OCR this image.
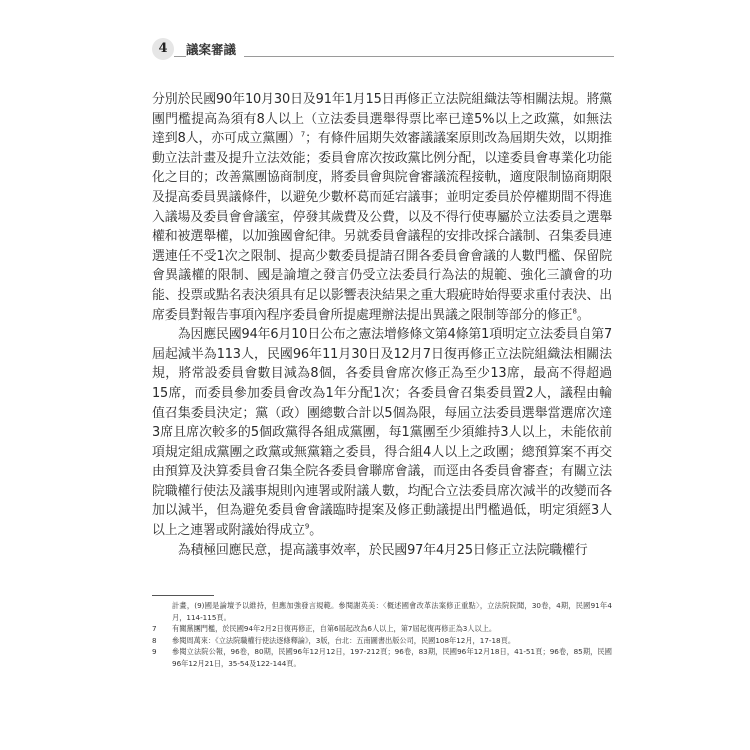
4	議案審議

分別於民國90年10月30日及91年1月15日再修正立法院組織法等相關法規。將黨團門檻提高為須有8人以上（立法委員選舉得票比率已達5%以上之政黨，如無法達到8人，亦可成立黨團）$^7$；有條件屆期失效審議議案原則改為屆期失效，以期推動立法計畫及提升立法效能；委員會席次按政黨比例分配，以達委員會專業化功能化之目的；改善黨團協商制度，將委員會與院會審議流程接軌，適度限制協商期限及提高委員異議條件，以避免少數杯葛而延宕議事；並明定委員於停權期間不得進入議場及委員會會議室，停發其歲費及公費，以及不得行使專屬於立法委員之選舉權和被選舉權，以加強國會紀律。另就委員會議程的安排改採合議制、召集委員連選連任不受1次之限制、提高少數委員提請召開各委員會會議的人數門檻、保留院會異議權的限制、國是論壇之發言仍受立法委員行為法的規範、強化三讀會的功能、投票或點名表決須具有足以影響表決結果之重大瑕疵時始得要求重付表決、出席委員對報告事項內程序委員會所提處理辦法提出異議之限制等部分的修正$^8$。

為因應民國94年6月10日公布之憲法增修條文第4條第1項明定立法委員自第7屆起減半為113人，民國96年11月30日及12月7日復再修正立法院組織法相關法規，將常設委員會數目減為8個，各委員會席次修正為至少13席，最高不得超過15席，而委員參加委員會改為1年分配1次；各委員會召集委員置2人，議程由輪值召集委員決定；黨（政）團總數合計以5個為限，每屆立法委員選舉當選席次達3席且席次較多的5個政黨得各組成黨團，每1黨團至少須維持3人以上，未能依前項規定組成黨團之政黨或無黨籍之委員，得合組4人以上之政團；總預算案不再交由預算及決算委員會召集全院各委員會聯席會議，而逕由各委員會審查；有關立法院職權行使法及議事規則內連署或附議人數，均配合立法委員席次減半的改變而各加以減半，但為避免委員會會議臨時提案及修正動議提出門檻過低，明定須經3人以上之連署或附議始得成立$^9$。

為積極回應民意，提高議事效率，於民國97年4月25日修正立法院職權行

計畫，(9)國是論壇予以維持，但應加強發言規範。參閱謝英美：〈概述國會改革法案修正重點〉，立法院院聞，30卷，4期，民國91年4月，114-115頁。
7	有關黨團門檻，於民國94年2月2日復再修正，自第6屆起改為6人以上，第7屆起復再修正為3人以上。
8	參閱周萬來：《立法院職權行使法逐條釋論》，3版，台北：五南圖書出版公司，民國108年12月，17-18頁。
9	參閱立法院公報，96卷，80期，民國96年12月12日，197-212頁；96卷，83期，民國96年12月18日，41-51頁；96卷，85期，民國96年12月21日，35-54及122-144頁。
